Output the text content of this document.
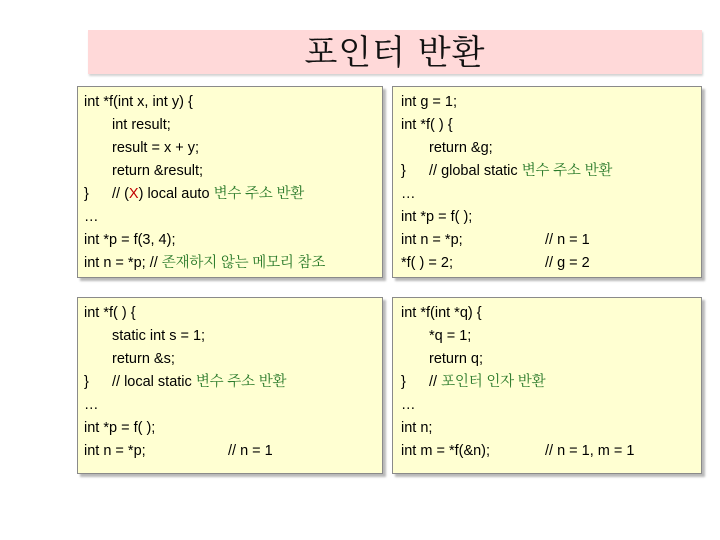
포인터 반환
int *f(int x, int y) {
int result;
result = x + y;
return &result;
} // (X) local auto 변수 주소 반환
…
int *p = f(3, 4);
int n = *p; // 존재하지 않는 메모리 참조
int g = 1;
int *f( ) {
return &g;
} // global static 변수 주소 반환
…
int *p = f( );
int n = *p;	// n = 1
*f( ) = 2;	// g = 2
int *f( ) {
static int s = 1;
return &s;
} // local static 변수 주소 반환
…
int *p = f( );
int n = *p;	// n = 1
int *f(int *q) {
*q = 1;
return q;
} // 포인터 인자 반환
…
int n;
int m = *f(&n);	// n = 1, m = 1
